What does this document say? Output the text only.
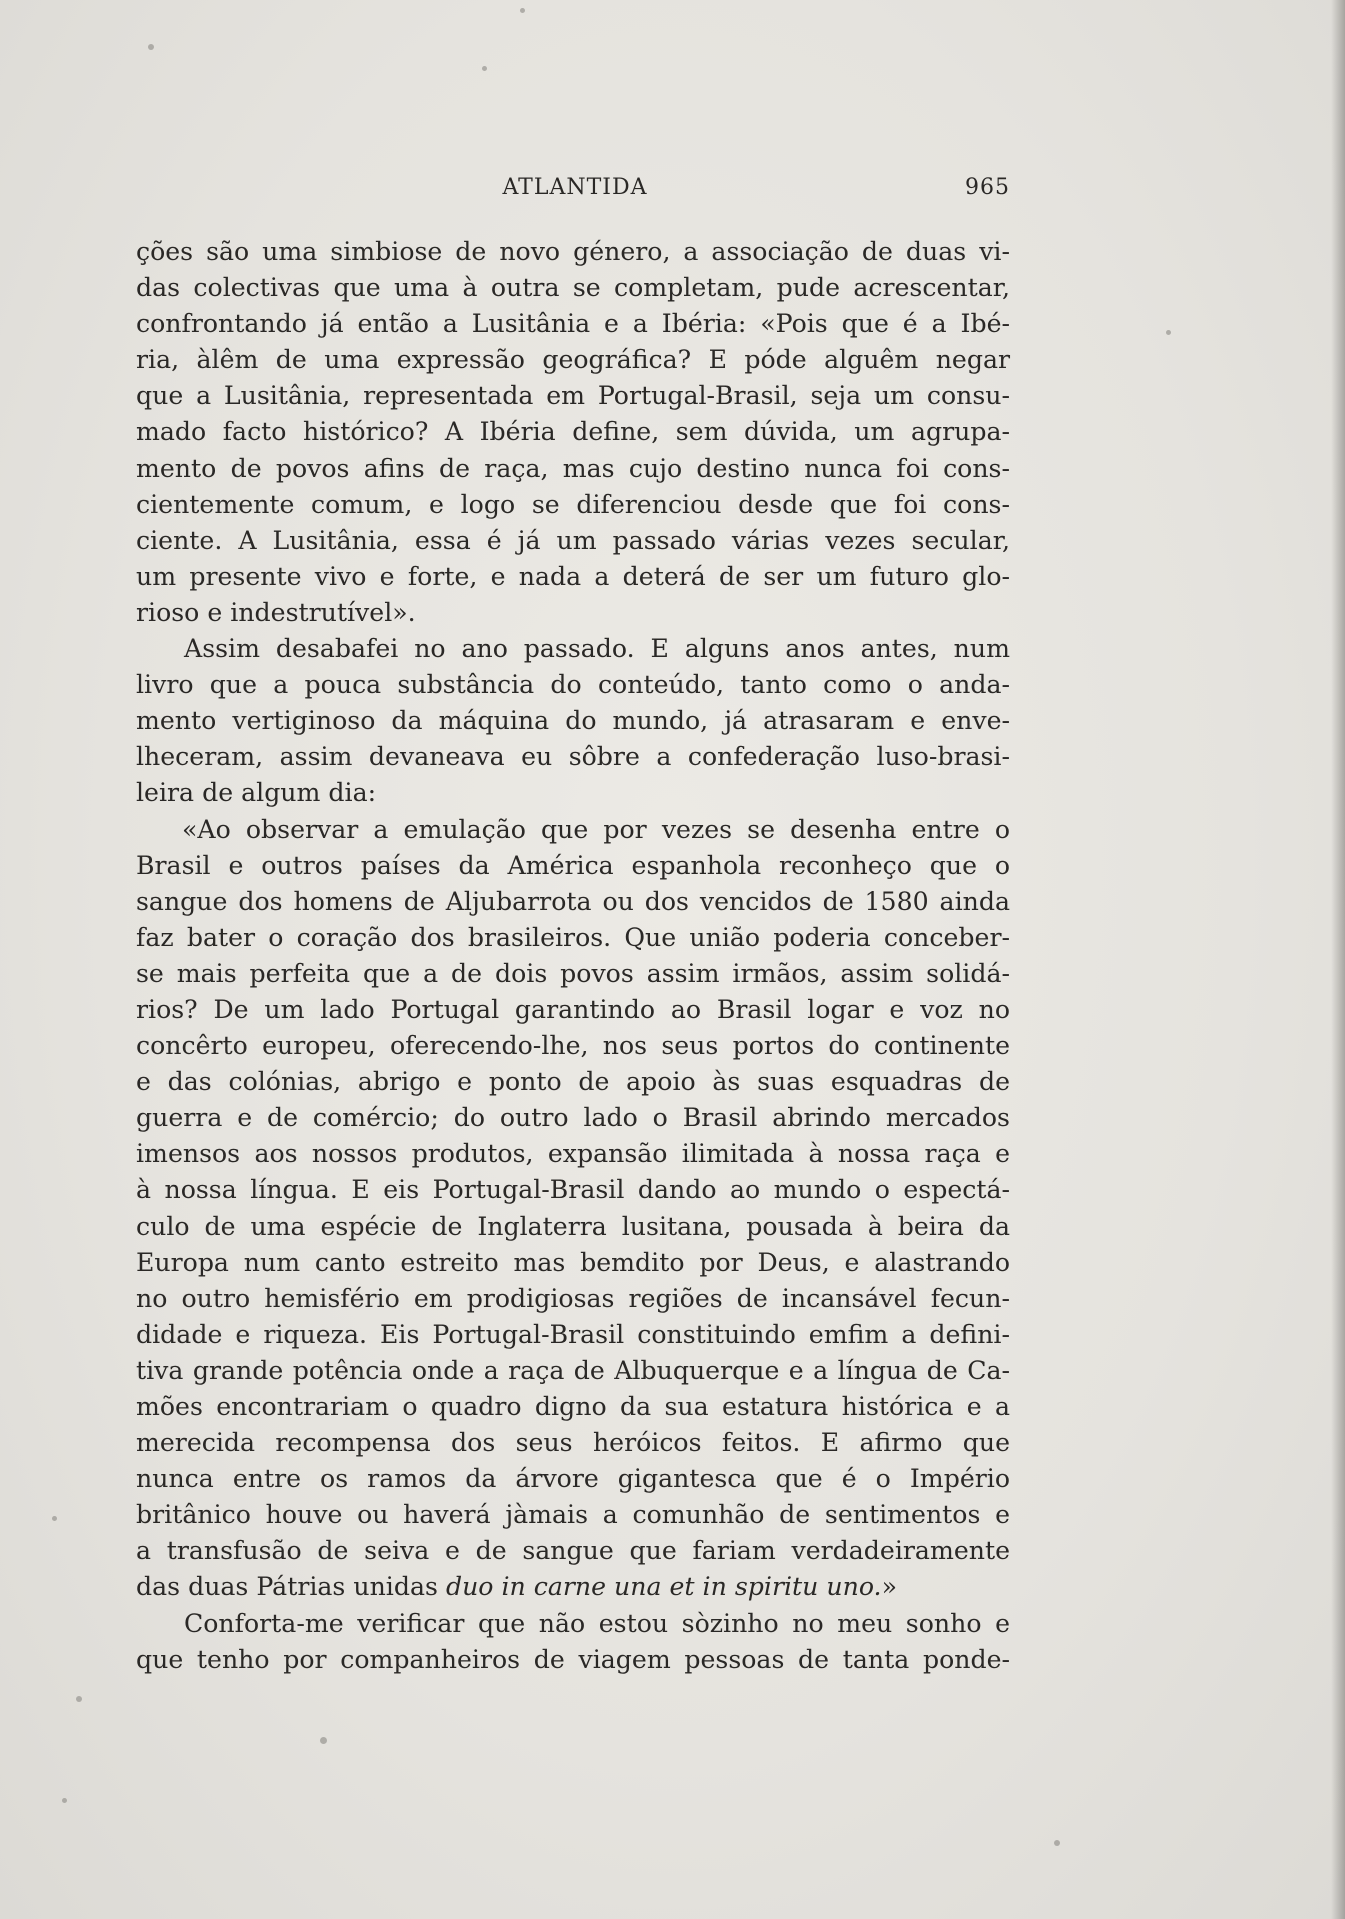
ATLANTIDA	965
ções são uma simbiose de novo género, a associação de duas vi-
das colectivas que uma à outra se completam, pude acrescentar,
confrontando já então a Lusitânia e a Ibéria: «Pois que é a Ibé-
ria, àlêm de uma expressão geográfica? E póde alguêm negar
que a Lusitânia, representada em Portugal-Brasil, seja um consu-
mado facto histórico? A Ibéria define, sem dúvida, um agrupa-
mento de povos afins de raça, mas cujo destino nunca foi cons-
cientemente comum, e logo se diferenciou desde que foi cons-
ciente. A Lusitânia, essa é já um passado várias vezes secular,
um presente vivo e forte, e nada a deterá de ser um futuro glo-
rioso e indestrutível».
Assim desabafei no ano passado. E alguns anos antes, num
livro que a pouca substância do conteúdo, tanto como o anda-
mento vertiginoso da máquina do mundo, já atrasaram e enve-
lheceram, assim devaneava eu sôbre a confederação luso-brasi-
leira de algum dia:
«Ao observar a emulação que por vezes se desenha entre o
Brasil e outros países da América espanhola reconheço que o
sangue dos homens de Aljubarrota ou dos vencidos de 1580 ainda
faz bater o coração dos brasileiros. Que união poderia conceber-
se mais perfeita que a de dois povos assim irmãos, assim solidá-
rios? De um lado Portugal garantindo ao Brasil logar e voz no
concêrto europeu, oferecendo-lhe, nos seus portos do continente
e das colónias, abrigo e ponto de apoio às suas esquadras de
guerra e de comércio; do outro lado o Brasil abrindo mercados
imensos aos nossos produtos, expansão ilimitada à nossa raça e
à nossa língua. E eis Portugal-Brasil dando ao mundo o espectá-
culo de uma espécie de Inglaterra lusitana, pousada à beira da
Europa num canto estreito mas bemdito por Deus, e alastrando
no outro hemisfério em prodigiosas regiões de incansável fecun-
didade e riqueza. Eis Portugal-Brasil constituindo emfim a defini-
tiva grande potência onde a raça de Albuquerque e a língua de Ca-
mões encontrariam o quadro digno da sua estatura histórica e a
merecida recompensa dos seus heróicos feitos. E afirmo que
nunca entre os ramos da árvore gigantesca que é o Império
britânico houve ou haverá jàmais a comunhão de sentimentos e
a transfusão de seiva e de sangue que fariam verdadeiramente
das duas Pátrias unidas duo in carne una et in spiritu uno.»
Conforta-me verificar que não estou sòzinho no meu sonho e
que tenho por companheiros de viagem pessoas de tanta ponde-
